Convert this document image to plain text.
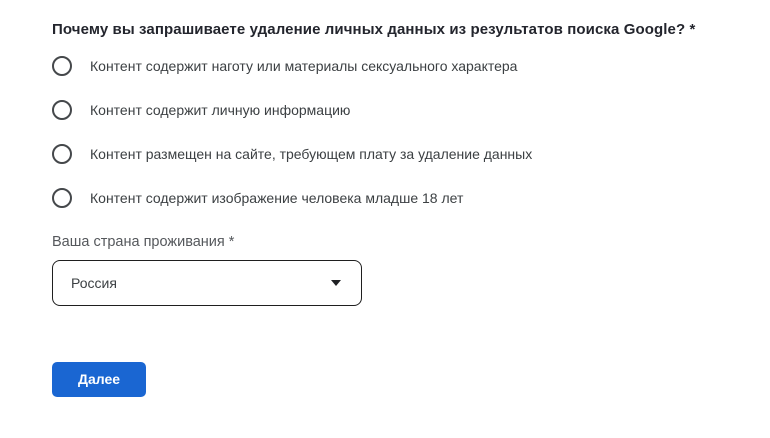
Почему вы запрашиваете удаление личных данных из результатов поиска Google? *
Контент содержит наготу или материалы сексуального характера
Контент содержит личную информацию
Контент размещен на сайте, требующем плату за удаление данных
Контент содержит изображение человека младше 18 лет
Ваша страна проживания *
Россия
Далее
